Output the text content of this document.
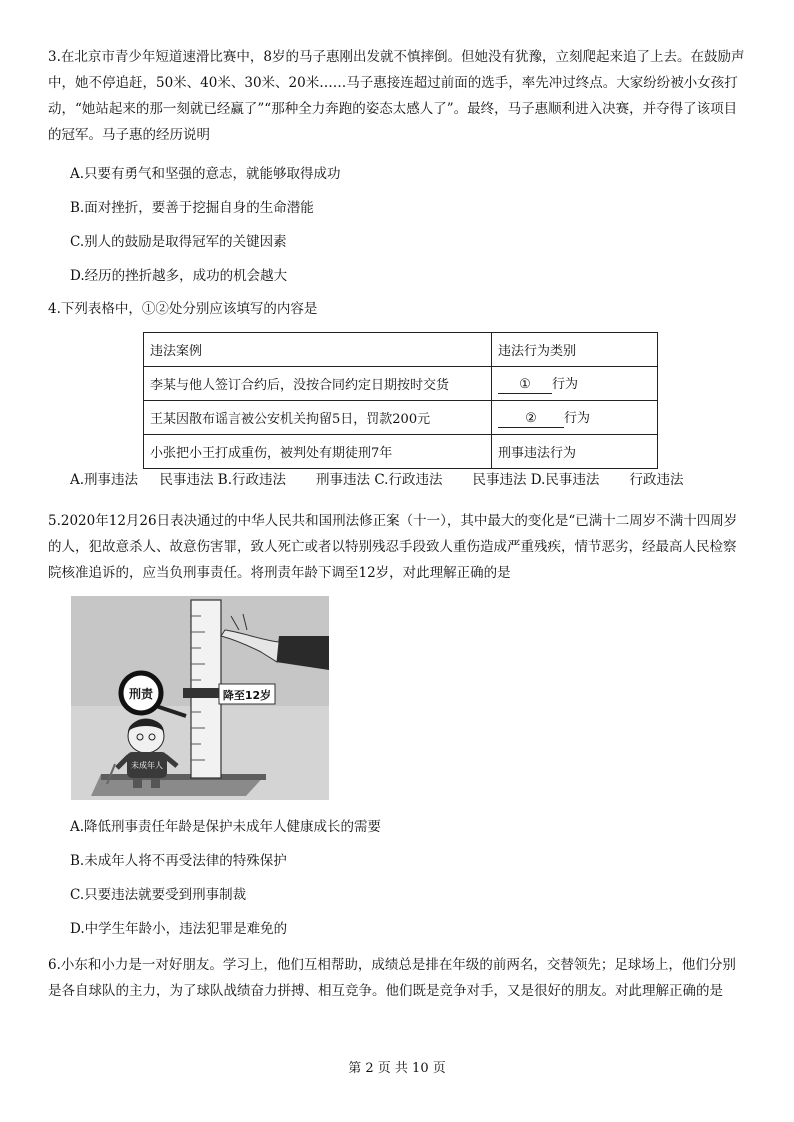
3.在北京市青少年短道速滑比赛中，8岁的马子惠刚出发就不慎摔倒。但她没有犹豫，立刻爬起来追了上去。在鼓励声中，她不停追赶，50米、40米、30米、20米……马子惠接连超过前面的选手，率先冲过终点。大家纷纷被小女孩打动，“她站起来的那一刻就已经赢了”“那种全力奔跑的姿态太感人了”。最终，马子惠顺利进入决赛，并夺得了该项目的冠军。马子惠的经历说明
A.只要有勇气和坚强的意志，就能够取得成功
B.面对挫折，要善于挖掘自身的生命潜能
C.别人的鼓励是取得冠军的关键因素
D.经历的挫折越多，成功的机会越大
4.下列表格中，①②处分别应该填写的内容是
违法案例	违法行为类别
李某与他人签订合约后，没按合同约定日期按时交货	① 行为
王某因散布谣言被公安机关拘留5日，罚款200元	② 行为
小张把小王打成重伤，被判处有期徒刑7年	刑事违法行为
A.刑事违法     民事违法 B.行政违法       刑事违法 C.行政违法       民事违法 D.民事违法       行政违法
5.2020年12月26日表决通过的中华人民共和国刑法修正案（十一），其中最大的变化是“已满十二周岁不满十四周岁的人，犯故意杀人、故意伤害罪，致人死亡或者以特别残忍手段致人重伤造成严重残疾，情节恶劣，经最高人民检察院核准追诉的，应当负刑事责任。将刑责年龄下调至12岁，对此理解正确的是
降至12岁
刑责
未成年人
A.降低刑事责任年龄是保护未成年人健康成长的需要
B.未成年人将不再受法律的特殊保护
C.只要违法就要受到刑事制裁
D.中学生年龄小，违法犯罪是难免的
6.小东和小力是一对好朋友。学习上，他们互相帮助，成绩总是排在年级的前两名，交替领先；足球场上，他们分别是各自球队的主力，为了球队战绩奋力拼搏、相互竞争。他们既是竞争对手，又是很好的朋友。对此理解正确的是
第 2 页 共 10 页
